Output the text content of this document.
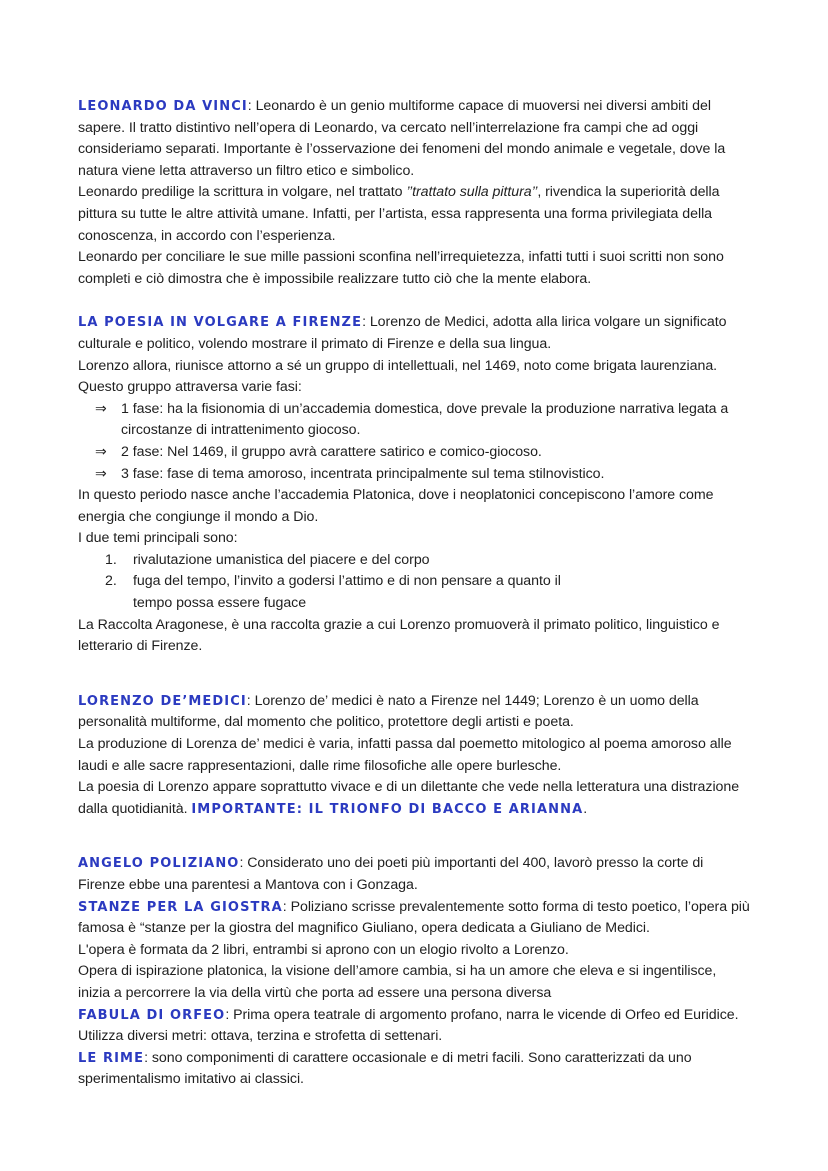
LEONARDO DA VINCI: Leonardo è un genio multiforme capace di muoversi nei diversi ambiti del sapere. Il tratto distintivo nell’opera di Leonardo, va cercato nell’interrelazione fra campi che ad oggi consideriamo separati. Importante è l’osservazione dei fenomeni del mondo animale e vegetale, dove la natura viene letta attraverso un filtro etico e simbolico.

Leonardo predilige la scrittura in volgare, nel trattato ’’trattato sulla pittura’’, rivendica la superiorità della pittura su tutte le altre attività umane. Infatti, per l’artista, essa rappresenta una forma privilegiata della conoscenza, in accordo con l’esperienza.

Leonardo per conciliare le sue mille passioni sconfina nell’irrequietezza, infatti tutti i suoi scritti non sono completi e ciò dimostra che è impossibile realizzare tutto ciò che la mente elabora.

LA POESIA IN VOLGARE A FIRENZE: Lorenzo de Medici, adotta alla lirica volgare un significato culturale e politico, volendo mostrare il primato di Firenze e della sua lingua.

Lorenzo allora, riunisce attorno a sé un gruppo di intellettuali, nel 1469, noto come brigata laurenziana. Questo gruppo attraversa varie fasi:

⇒ 1 fase: ha la fisionomia di un’accademia domestica, dove prevale la produzione narrativa legata a circostanze di intrattenimento giocoso.
⇒ 2 fase: Nel 1469, il gruppo avrà carattere satirico e comico-giocoso.
⇒ 3 fase: fase di tema amoroso, incentrata principalmente sul tema stilnovistico.

In questo periodo nasce anche l’accademia Platonica, dove i neoplatonici concepiscono l’amore come energia che congiunge il mondo a Dio.

I due temi principali sono:

1.	rivalutazione umanistica del piacere e del corpo
2.	fuga del tempo, l’invito a godersi l’attimo e di non pensare a quanto il
tempo possa essere fugace

La Raccolta Aragonese, è una raccolta grazie a cui Lorenzo promuoverà il primato politico, linguistico e letterario di Firenze.

LORENZO DE’MEDICI: Lorenzo de’ medici è nato a Firenze nel 1449; Lorenzo è un uomo della personalità multiforme, dal momento che politico, protettore degli artisti e poeta.

La produzione di Lorenza de’ medici è varia, infatti passa dal poemetto mitologico al poema amoroso alle laudi e alle sacre rappresentazioni, dalle rime filosofiche alle opere burlesche.

La poesia di Lorenzo appare soprattutto vivace e di un dilettante che vede nella letteratura una distrazione dalla quotidianità. IMPORTANTE: IL TRIONFO DI BACCO E ARIANNA.

ANGELO POLIZIANO: Considerato uno dei poeti più importanti del 400, lavorò presso la corte di Firenze ebbe una parentesi a Mantova con i Gonzaga.

STANZE PER LA GIOSTRA: Poliziano scrisse prevalentemente sotto forma di testo poetico, l’opera più famosa è “stanze per la giostra del magnifico Giuliano, opera dedicata a Giuliano de Medici.

L'opera è formata da 2 libri, entrambi si aprono con un elogio rivolto a Lorenzo.

Opera di ispirazione platonica, la visione dell’amore cambia, si ha un amore che eleva e si ingentilisce, inizia a percorrere la via della virtù che porta ad essere una persona diversa

FABULA DI ORFEO: Prima opera teatrale di argomento profano, narra le vicende di Orfeo ed Euridice. Utilizza diversi metri: ottava, terzina e strofetta di settenari.

LE RIME: sono componimenti di carattere occasionale e di metri facili. Sono caratterizzati da uno sperimentalismo imitativo ai classici.
